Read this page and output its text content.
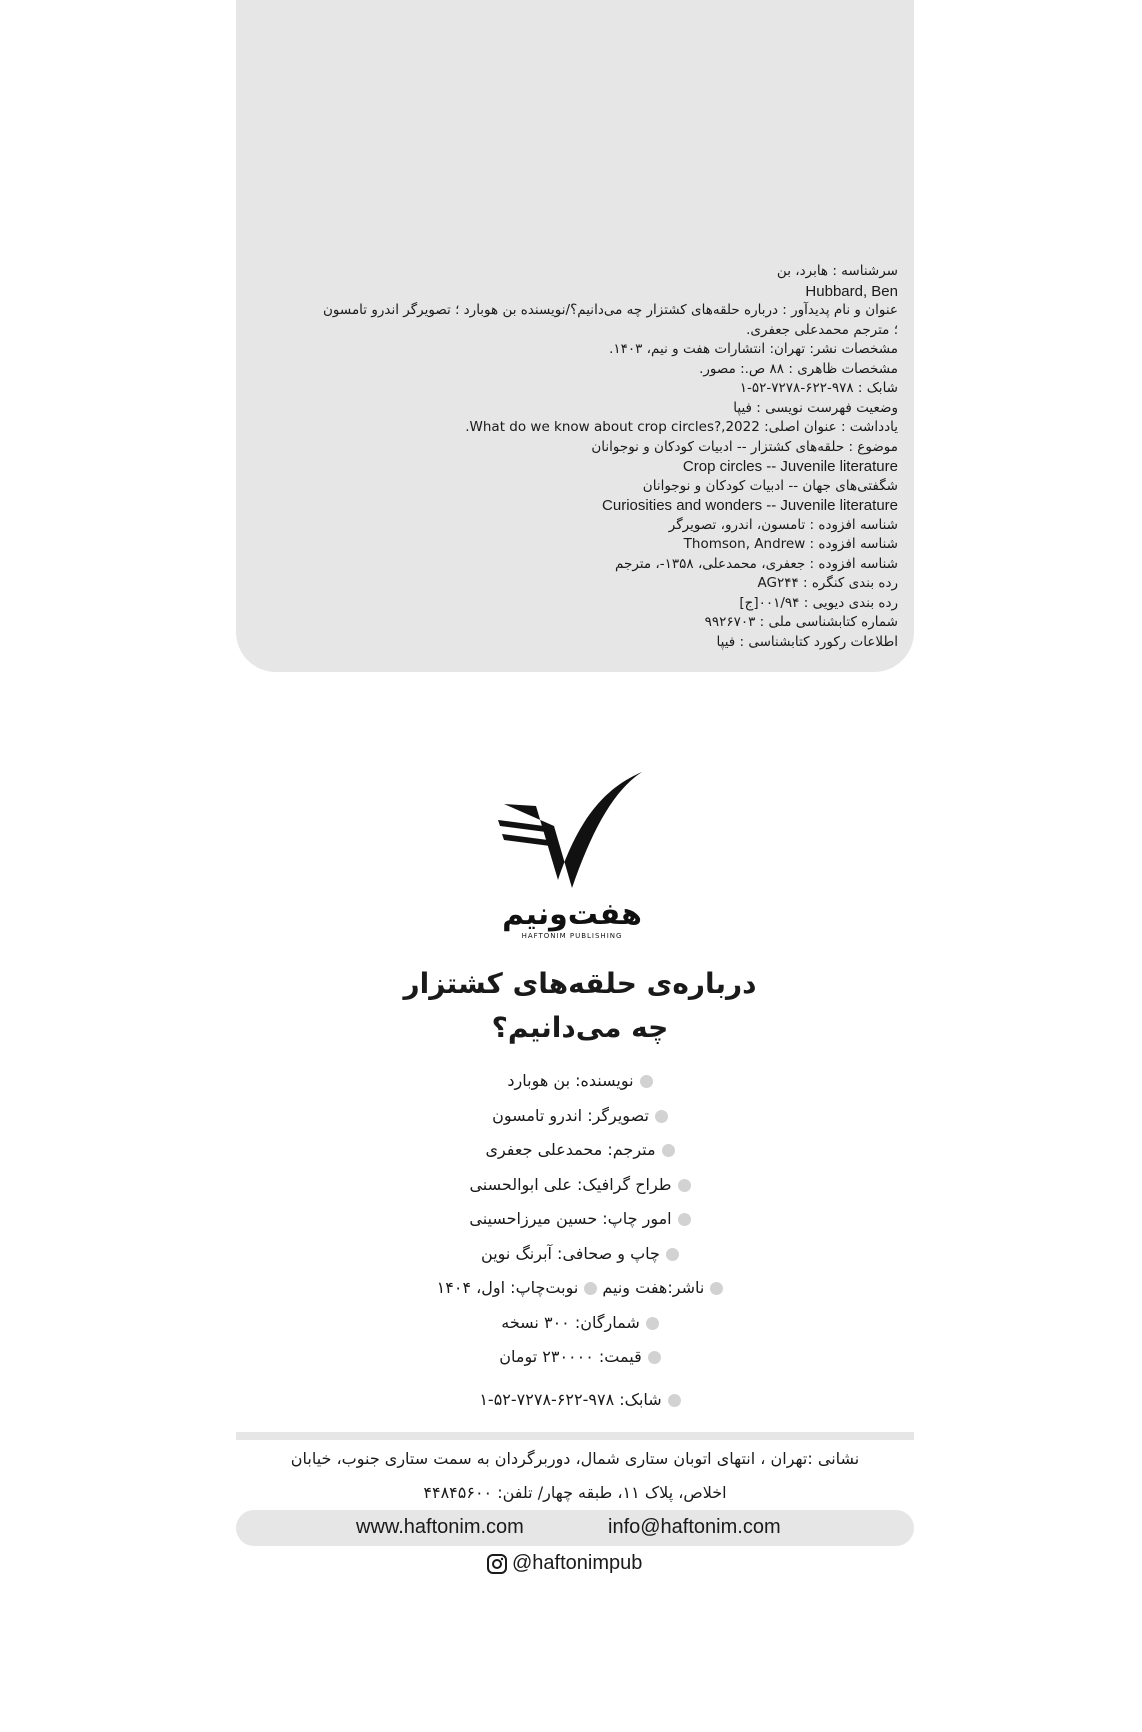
سرشناسه : هابرد، بن
Hubbard, Ben
عنوان و نام پدیدآور : درباره حلقه‌های کشتزار چه می‌دانیم؟/نویسنده بن هوبارد ؛ تصویرگر اندرو تامسون
؛ مترجم محمدعلی جعفری.
مشخصات نشر: تهران: انتشارات هفت و نیم، ۱۴۰۳.
مشخصات ظاهری : ۸۸ ص.: مصور.
شابک : ۹۷۸-۶۲۲-۷۲۷۸-۵۲-۱
وضعیت فهرست نویسی : فیپا
یادداشت : عنوان اصلی: What do we know about crop circles?,2022.
موضوع : حلقه‌های کشتزار -- ادبیات کودکان و نوجوانان
Crop circles -- Juvenile literature
شگفتی‌های جهان -- ادبیات کودکان و نوجوانان
Curiosities and wonders -- Juvenile literature
شناسه افزوده : تامسون، اندرو، تصویرگر
شناسه افزوده : Thomson, Andrew
شناسه افزوده : جعفری، محمدعلی، ۱۳۵۸-، مترجم
رده بندی کنگره : AG۲۴۴
رده بندی دیویی : ۰۰۱/۹۴[ج]
شماره کتابشناسی ملی : ۹۹۲۶۷۰۳
اطلاعات رکورد کتابشناسی : فیپا
هفت‌ونیم
HAFTONIM PUBLISHING
درباره‌ی حلقه‌های کشتزار
چه می‌دانیم؟
نویسنده: بن هوبارد
تصویرگر: اندرو تامسون
مترجم: محمدعلی جعفری
طراح گرافیک: علی ابوالحسنی
امور چاپ: حسین میرزاحسینی
چاپ و صحافی: آبرنگ نوین
ناشر:هفت ونیم نوبت‌چاپ: اول، ۱۴۰۴
شمارگان: ۳۰۰ نسخه
قیمت: ۲۳۰۰۰۰ تومان
شابک: ۹۷۸-۶۲۲-۷۲۷۸-۵۲-۱
نشانی :تهران ، انتهای اتوبان ستاری شمال، دوربرگردان به سمت ستاری جنوب، خیابان
اخلاص، پلاک ۱۱، طبقه چهار/ تلفن: ۴۴۸۴۵۶۰۰
www.haftonim.com	info@haftonim.com
@haftonimpub
